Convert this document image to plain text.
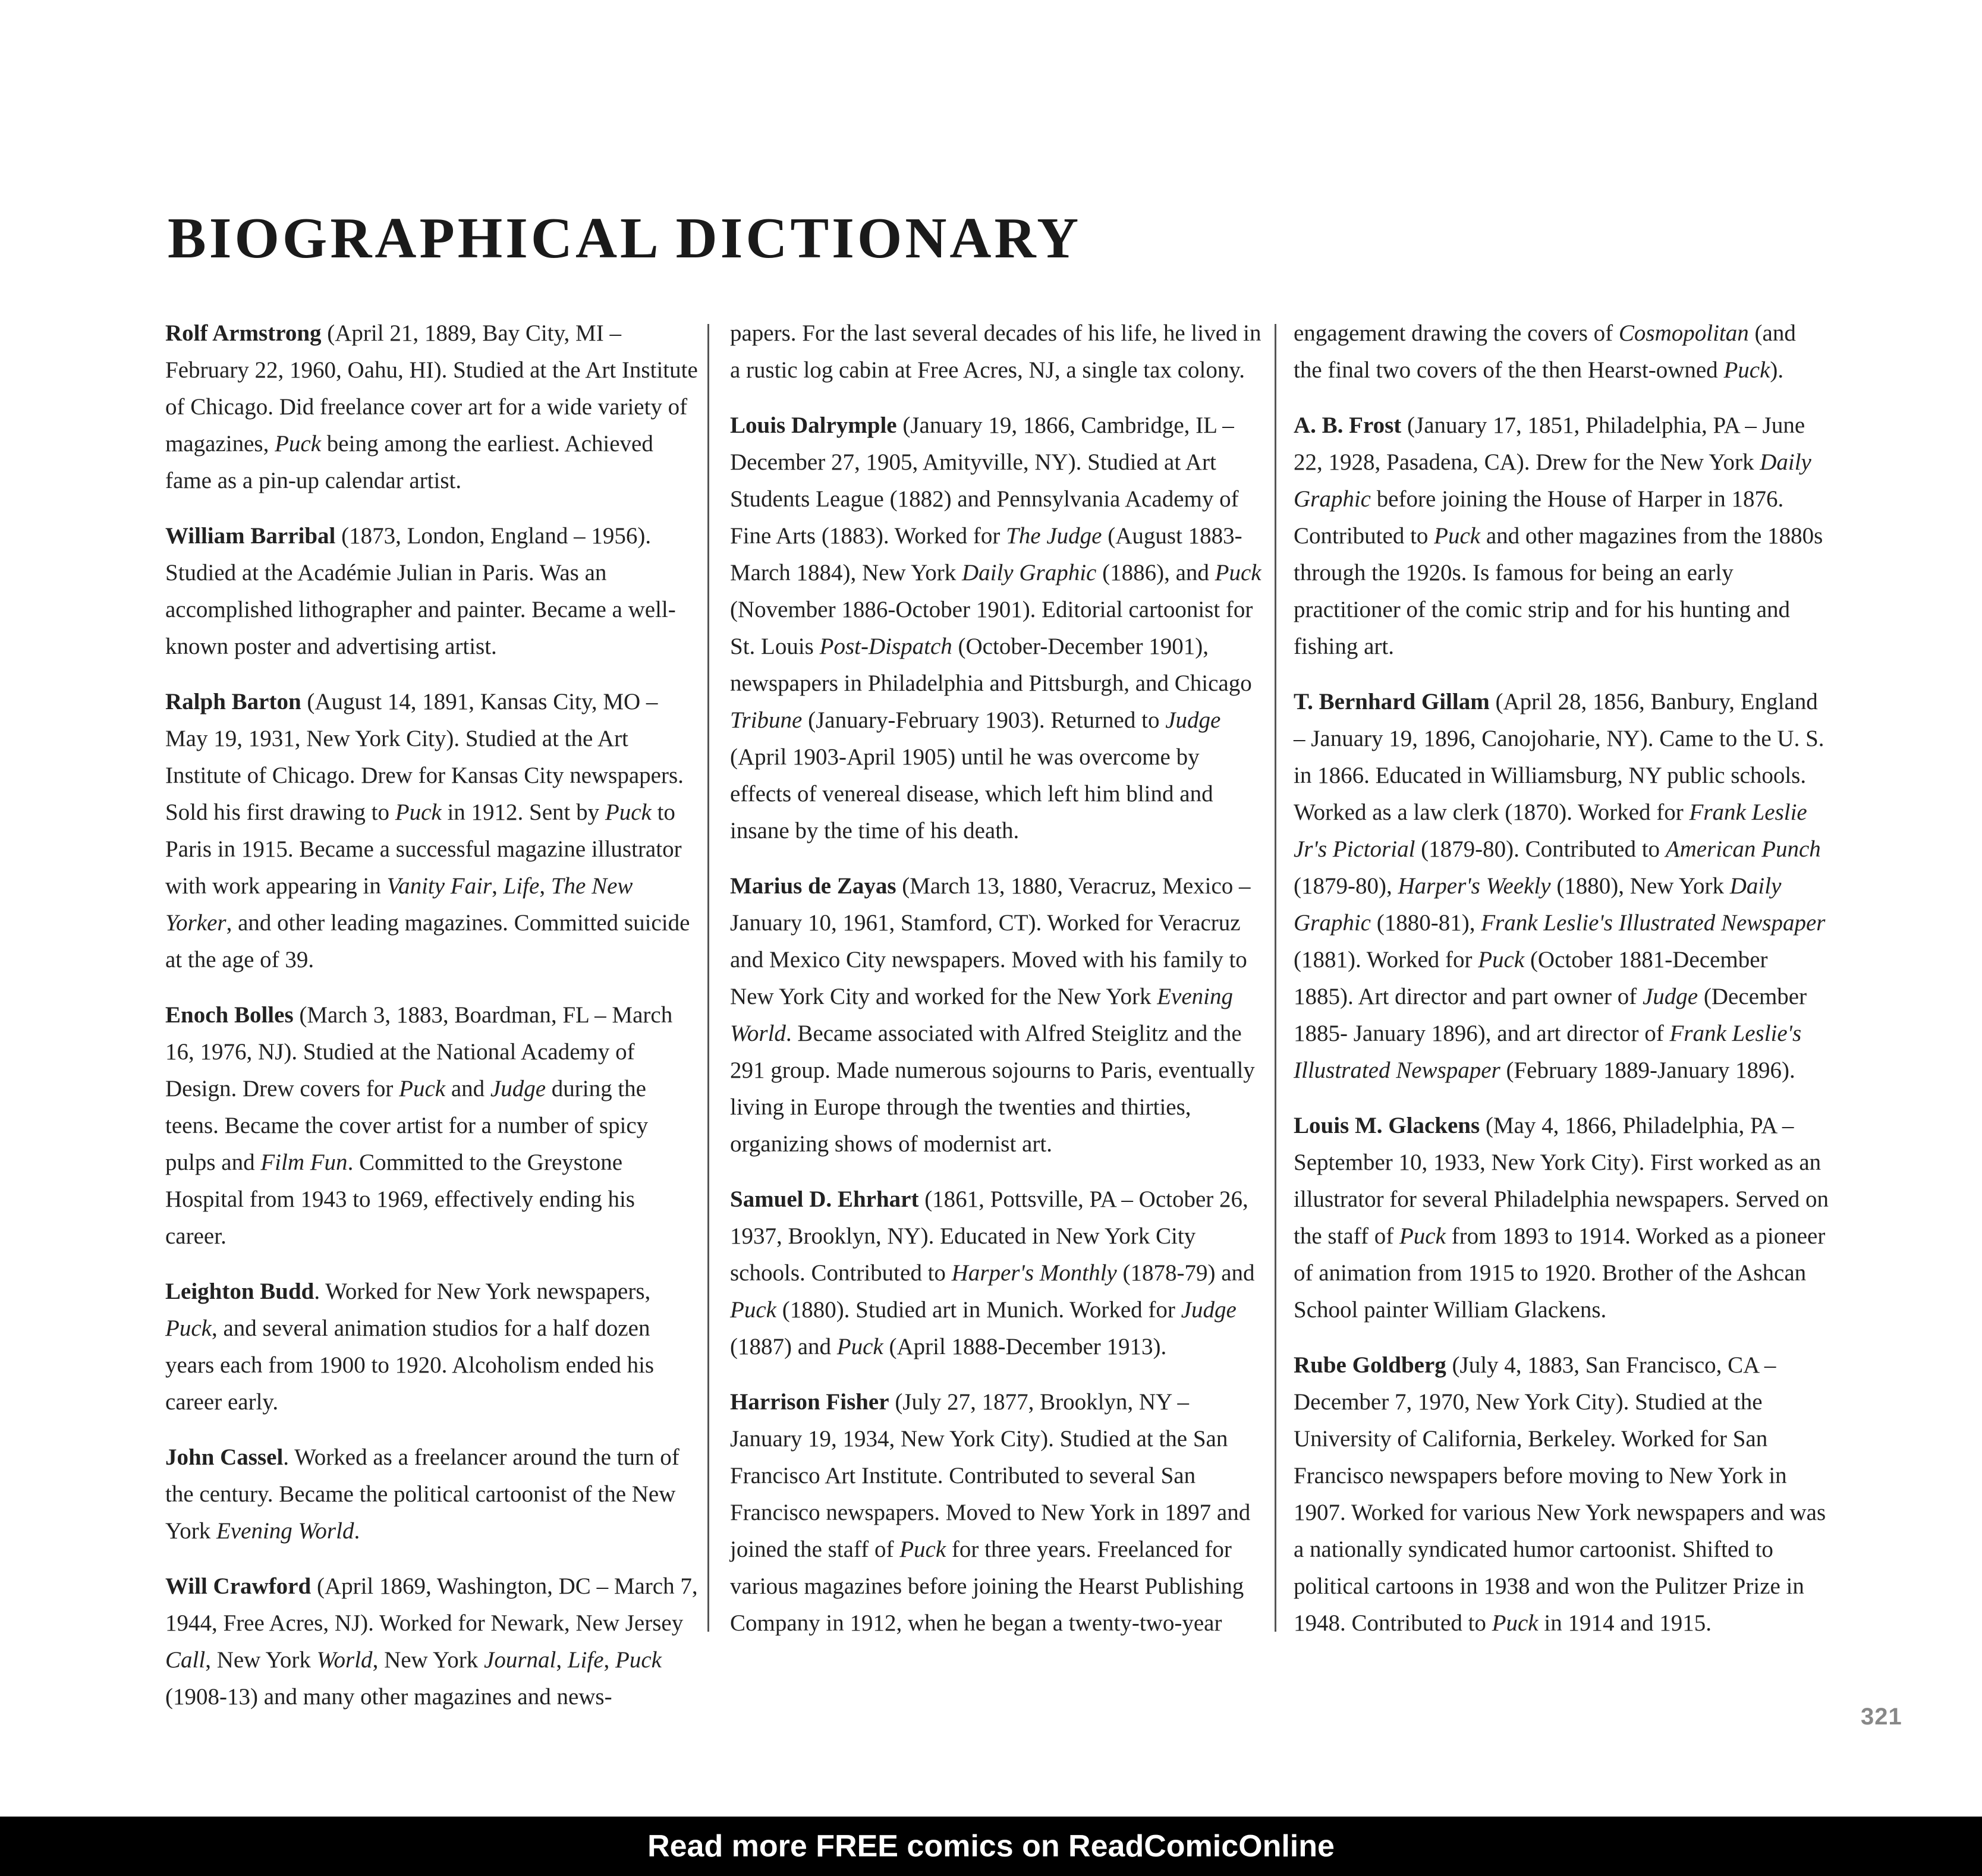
BIOGRAPHICAL DICTIONARY

Rolf Armstrong (April 21, 1889, Bay City, MI – February 22, 1960, Oahu, HI). Studied at the Art Institute of Chicago. Did freelance cover art for a wide variety of magazines, Puck being among the earliest. Achieved fame as a pin-up calendar artist.

William Barribal (1873, London, England – 1956). Studied at the Académie Julian in Paris. Was an accomplished lithographer and painter. Became a well-known poster and advertising artist.

Ralph Barton (August 14, 1891, Kansas City, MO – May 19, 1931, New York City). Studied at the Art Institute of Chicago. Drew for Kansas City newspapers. Sold his first drawing to Puck in 1912. Sent by Puck to Paris in 1915. Became a successful magazine illustrator with work appearing in Vanity Fair, Life, The New Yorker, and other leading magazines. Committed suicide at the age of 39.

Enoch Bolles (March 3, 1883, Boardman, FL – March 16, 1976, NJ). Studied at the National Academy of Design. Drew covers for Puck and Judge during the teens. Became the cover artist for a number of spicy pulps and Film Fun. Committed to the Greystone Hospital from 1943 to 1969, effectively ending his career.

Leighton Budd. Worked for New York newspapers, Puck, and several animation studios for a half dozen years each from 1900 to 1920. Alcoholism ended his career early.

John Cassel. Worked as a freelancer around the turn of the century. Became the political cartoonist of the New York Evening World.

Will Crawford (April 1869, Washington, DC – March 7, 1944, Free Acres, NJ). Worked for Newark, New Jersey Call, New York World, New York Journal, Life, Puck (1908-13) and many other magazines and news-

papers. For the last several decades of his life, he lived in a rustic log cabin at Free Acres, NJ, a single tax colony.

Louis Dalrymple (January 19, 1866, Cambridge, IL – December 27, 1905, Amityville, NY). Studied at Art Students League (1882) and Pennsylvania Academy of Fine Arts (1883). Worked for The Judge (August 1883-March 1884), New York Daily Graphic (1886), and Puck (November 1886-October 1901). Editorial cartoonist for St. Louis Post-Dispatch (October-December 1901), newspapers in Philadelphia and Pittsburgh, and Chicago Tribune (January-February 1903). Returned to Judge (April 1903-April 1905) until he was overcome by effects of venereal disease, which left him blind and insane by the time of his death.

Marius de Zayas (March 13, 1880, Veracruz, Mexico – January 10, 1961, Stamford, CT). Worked for Veracruz and Mexico City newspapers. Moved with his family to New York City and worked for the New York Evening World. Became associated with Alfred Steiglitz and the 291 group. Made numerous sojourns to Paris, eventually living in Europe through the twenties and thirties, organizing shows of modernist art.

Samuel D. Ehrhart (1861, Pottsville, PA – October 26, 1937, Brooklyn, NY). Educated in New York City schools. Contributed to Harper's Monthly (1878-79) and Puck (1880). Studied art in Munich. Worked for Judge (1887) and Puck (April 1888-December 1913).

Harrison Fisher (July 27, 1877, Brooklyn, NY – January 19, 1934, New York City). Studied at the San Francisco Art Institute. Contributed to several San Francisco newspapers. Moved to New York in 1897 and joined the staff of Puck for three years. Freelanced for various magazines before joining the Hearst Publishing Company in 1912, when he began a twenty-two-year

engagement drawing the covers of Cosmopolitan (and the final two covers of the then Hearst-owned Puck).

A. B. Frost (January 17, 1851, Philadelphia, PA – June 22, 1928, Pasadena, CA). Drew for the New York Daily Graphic before joining the House of Harper in 1876. Contributed to Puck and other magazines from the 1880s through the 1920s. Is famous for being an early practitioner of the comic strip and for his hunting and fishing art.

T. Bernhard Gillam (April 28, 1856, Banbury, England – January 19, 1896, Canojoharie, NY). Came to the U. S. in 1866. Educated in Williamsburg, NY public schools. Worked as a law clerk (1870). Worked for Frank Leslie Jr's Pictorial (1879-80). Contributed to American Punch (1879-80), Harper's Weekly (1880), New York Daily Graphic (1880-81), Frank Leslie's Illustrated Newspaper (1881). Worked for Puck (October 1881-December 1885). Art director and part owner of Judge (December 1885- January 1896), and art director of Frank Leslie's Illustrated Newspaper (February 1889-January 1896).

Louis M. Glackens (May 4, 1866, Philadelphia, PA – September 10, 1933, New York City). First worked as an illustrator for several Philadelphia newspapers. Served on the staff of Puck from 1893 to 1914. Worked as a pioneer of animation from 1915 to 1920. Brother of the Ashcan School painter William Glackens.

Rube Goldberg (July 4, 1883, San Francisco, CA – December 7, 1970, New York City). Studied at the University of California, Berkeley. Worked for San Francisco newspapers before moving to New York in 1907. Worked for various New York newspapers and was a nationally syndicated humor cartoonist. Shifted to political cartoons in 1938 and won the Pulitzer Prize in 1948. Contributed to Puck in 1914 and 1915.

321
Read more FREE comics on ReadComicOnline
